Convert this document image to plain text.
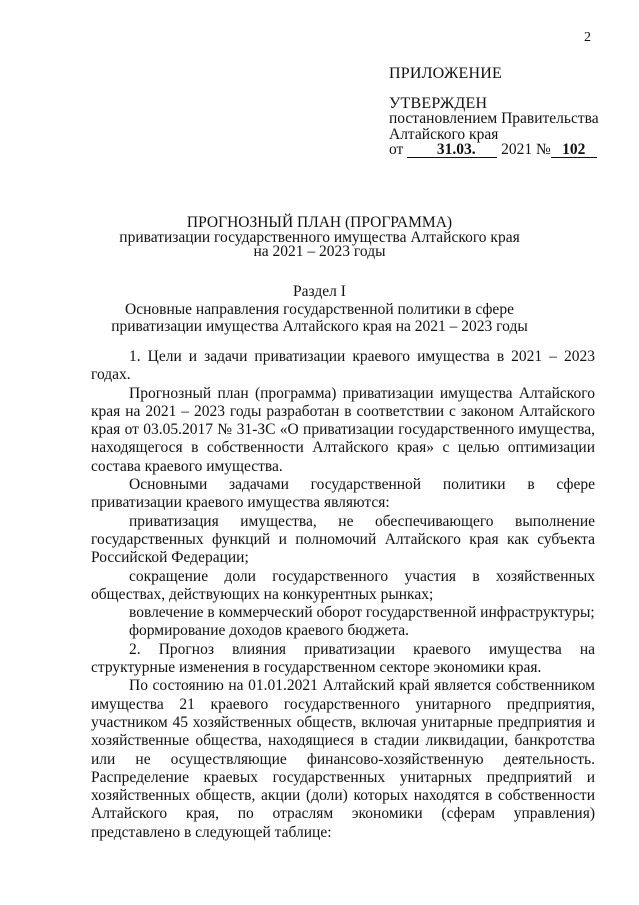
2
ПРИЛОЖЕНИЕ
УТВЕРЖДЕН
постановлением Правительства
Алтайского края
от 31.03. 2021 № 102
ПРОГНОЗНЫЙ ПЛАН (ПРОГРАММА)
приватизации государственного имущества Алтайского края
на 2021 – 2023 годы
Раздел I
Основные направления государственной политики в сфере
приватизации имущества Алтайского края на 2021 – 2023 годы

1. Цели и задачи приватизации краевого имущества в 2021 – 2023 годах.

Прогнозный план (программа) приватизации имущества Алтайского края на 2021 – 2023 годы разработан в соответствии с законом Алтайского края от 03.05.2017 № 31-ЗС «О приватизации государственного имущества, находящегося в собственности Алтайского края» с целью оптимизации состава краевого имущества.

Основными задачами государственной политики в сфере приватизации краевого имущества являются:

приватизация имущества, не обеспечивающего выполнение государственных функций и полномочий Алтайского края как субъекта Российской Федерации;

сокращение доли государственного участия в хозяйственных обществах, действующих на конкурентных рынках;

вовлечение в коммерческий оборот государственной инфраструктуры;

формирование доходов краевого бюджета.

2. Прогноз влияния приватизации краевого имущества на структурные изменения в государственном секторе экономики края.

По состоянию на 01.01.2021 Алтайский край является собственником имущества 21 краевого государственного унитарного предприятия, участником 45 хозяйственных обществ, включая унитарные предприятия и хозяйственные общества, находящиеся в стадии ликвидации, банкротства или не осуществляющие финансово-хозяйственную деятельность. Распределение краевых государственных унитарных предприятий и хозяйственных обществ, акции (доли) которых находятся в собственности Алтайского края, по отраслям экономики (сферам управления) представлено в следующей таблице:
